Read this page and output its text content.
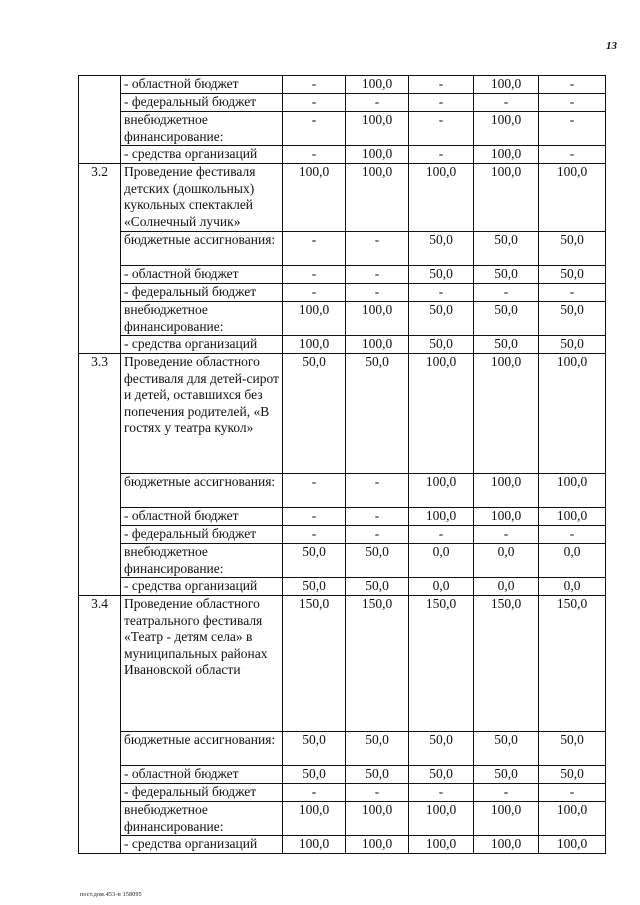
13
	- областной бюджет	-	100,0	-	100,0	-
	- федеральный бюджет	-	-	-	-	-
	внебюджетное финансирование:	-	100,0	-	100,0	-
	- средства организаций	-	100,0	-	100,0	-
3.2	Проведение фестиваля детских (дошкольных) кукольных спектаклей «Солнечный лучик»	100,0	100,0	100,0	100,0	100,0
	бюджетные ассигнования:	-	-	50,0	50,0	50,0
	- областной бюджет	-	-	50,0	50,0	50,0
	- федеральный бюджет	-	-	-	-	-
	внебюджетное финансирование:	100,0	100,0	50,0	50,0	50,0
	- средства организаций	100,0	100,0	50,0	50,0	50,0
3.3	Проведение областного фестиваля для детей-сирот и детей, оставшихся без попечения родителей, «В гостях у театра кукол»	50,0	50,0	100,0	100,0	100,0
	бюджетные ассигнования:	-	-	100,0	100,0	100,0
	- областной бюджет	-	-	100,0	100,0	100,0
	- федеральный бюджет	-	-	-	-	-
	внебюджетное финансирование:	50,0	50,0	0,0	0,0	0,0
	- средства организаций	50,0	50,0	0,0	0,0	0,0
3.4	Проведение областного театрального фестиваля «Театр - детям села» в муниципальных районах Ивановской области	150,0	150,0	150,0	150,0	150,0
	бюджетные ассигнования:	50,0	50,0	50,0	50,0	50,0
	- областной бюджет	50,0	50,0	50,0	50,0	50,0
	- федеральный бюджет	-	-	-	-	-
	внебюджетное финансирование:	100,0	100,0	100,0	100,0	100,0
	- средства организаций	100,0	100,0	100,0	100,0	100,0
пост.дом.453-п 158095
